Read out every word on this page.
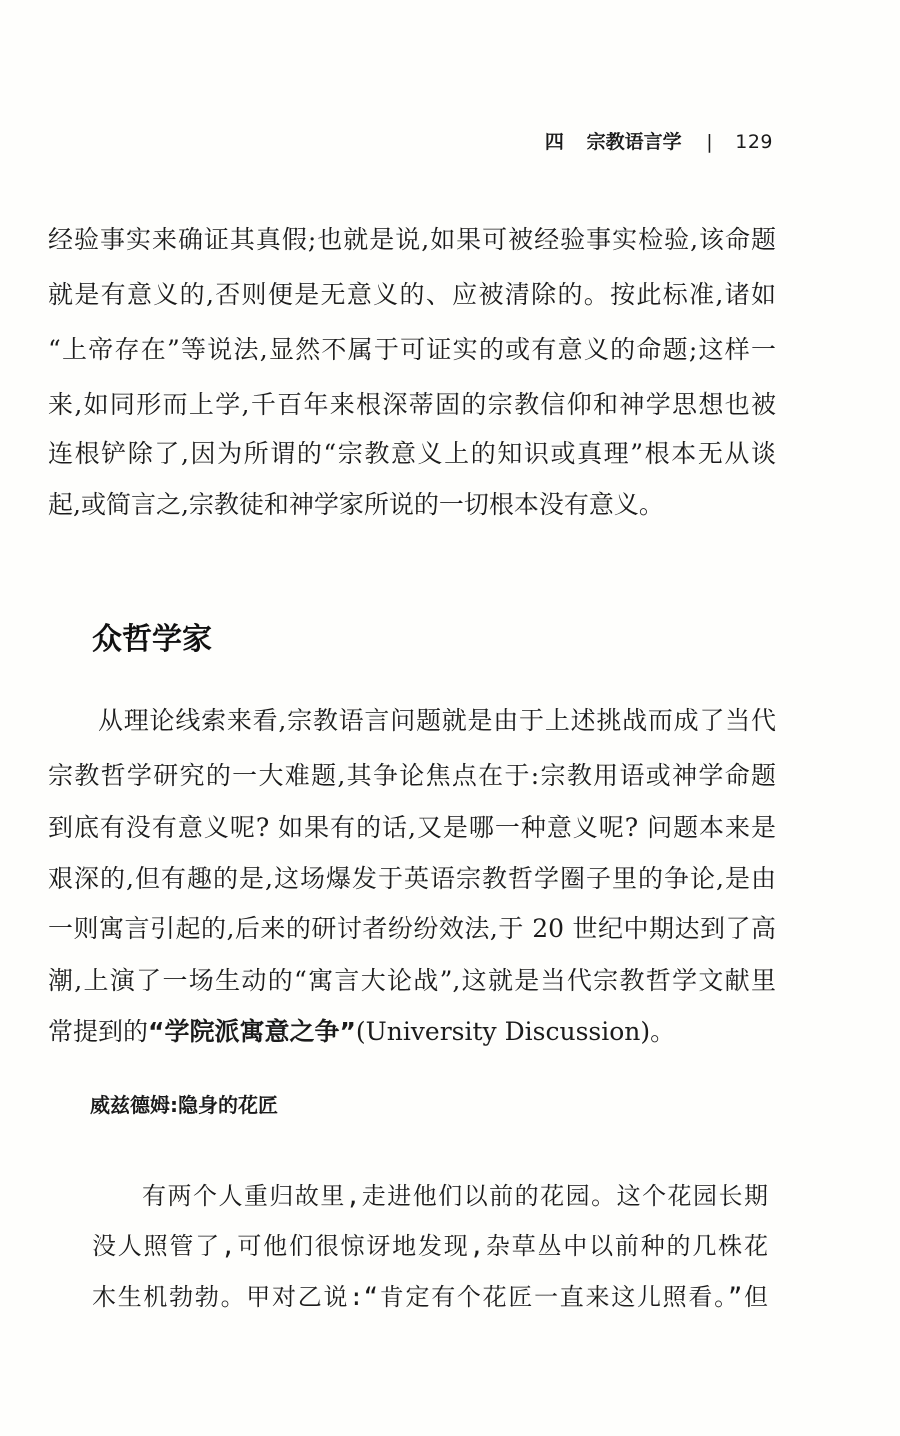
四 宗教语言学 | 129
经验事实来确证其真假;也就是说,如果可被经验事实检验,该命题
就是有意义的,否则便是无意义的、应被清除的。按此标准,诸如
“上帝存在”等说法,显然不属于可证实的或有意义的命题;这样一
来,如同形而上学,千百年来根深蒂固的宗教信仰和神学思想也被
连根铲除了,因为所谓的“宗教意义上的知识或真理”根本无从谈
起,或简言之,宗教徒和神学家所说的一切根本没有意义。
众哲学家
从理论线索来看,宗教语言问题就是由于上述挑战而成了当代
宗教哲学研究的一大难题,其争论焦点在于:宗教用语或神学命题
到底有没有意义呢? 如果有的话,又是哪一种意义呢? 问题本来是
艰深的,但有趣的是,这场爆发于英语宗教哲学圈子里的争论,是由
一则寓言引起的,后来的研讨者纷纷效法,于 20 世纪中期达到了高
潮,上演了一场生动的“寓言大论战”,这就是当代宗教哲学文献里
常提到的“学院派寓意之争”(University Discussion)。
威兹德姆:隐身的花匠
有两个人重归故里,走进他们以前的花园。这个花园长期
没人照管了,可他们很惊讶地发现,杂草丛中以前种的几株花
木生机勃勃。甲对乙说:“肯定有个花匠一直来这儿照看。”但
